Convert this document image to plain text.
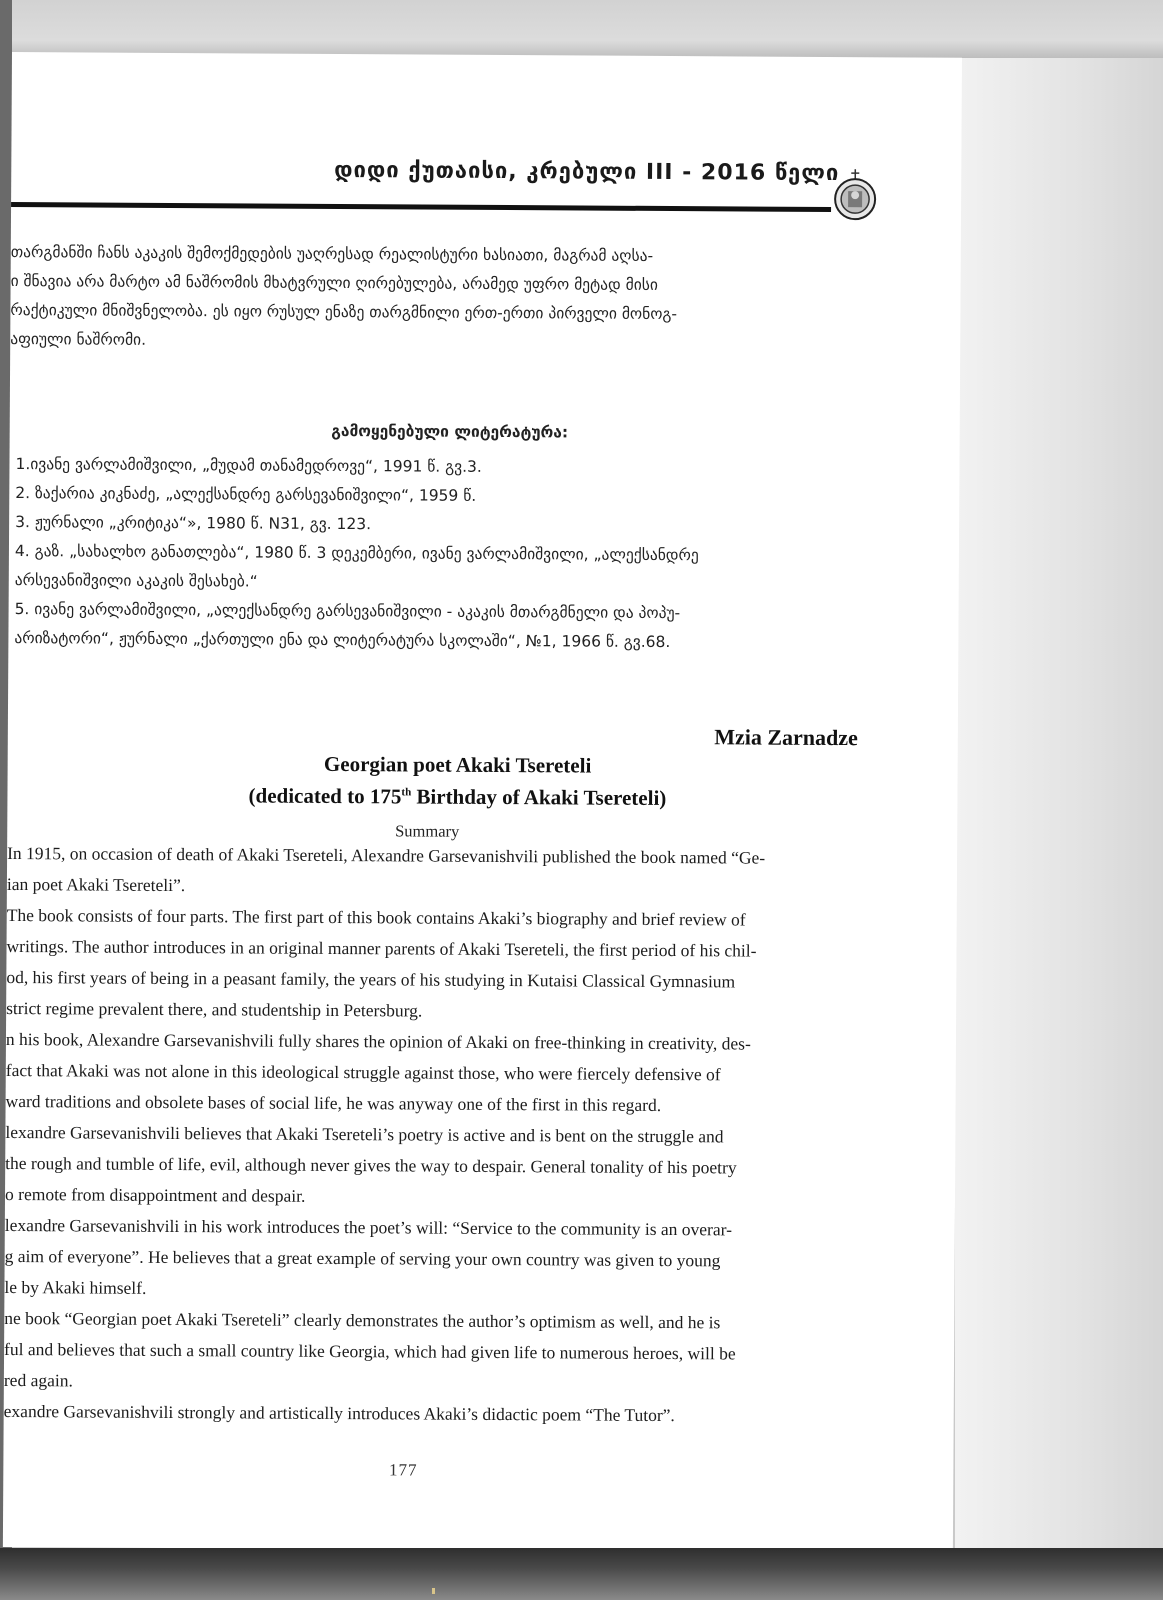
დიდი ქუთაისი, კრებული III - 2016 წელი
თარგმანში ჩანს აკაკის შემოქმედების უაღრესად რეალისტური ხასიათი, მაგრამ აღსა-
ი შნავია არა მარტო ამ ნაშრომის მხატვრული ღირებულება, არამედ უფრო მეტად მისი
რაქტიკული მნიშვნელობა. ეს იყო რუსულ ენაზე თარგმნილი ერთ-ერთი პირველი მონოგ-
აფიული ნაშრომი.
გამოყენებული ლიტერატურა:
1.ივანე ვარლამიშვილი, „მუდამ თანამედროვე“, 1991 წ. გვ.3.
2. ზაქარია კიკნაძე, „ალექსანდრე გარსევანიშვილი“, 1959 წ.
3. ჟურნალი „კრიტიკა“», 1980 წ. N31, გვ. 123.
4. გაზ. „სახალხო განათლება“, 1980 წ. 3 დეკემბერი, ივანე ვარლამიშვილი, „ალექსანდრე
არსევანიშვილი აკაკის შესახებ.“
5. ივანე ვარლამიშვილი, „ალექსანდრე გარსევანიშვილი - აკაკის მთარგმნელი და პოპუ-
არიზატორი“, ჟურნალი „ქართული ენა და ლიტერატურა სკოლაში“, №1, 1966 წ. გვ.68.
Mzia Zarnadze
Georgian poet Akaki Tsereteli
(dedicated to 175th Birthday of Akaki Tsereteli)
Summary
In 1915, on occasion of death of Akaki Tsereteli, Alexandre Garsevanishvili published the book named “Ge-
ian poet Akaki Tsereteli”.
The book consists of four parts. The first part of this book contains Akaki’s biography and brief review of
writings. The author introduces in an original manner parents of Akaki Tsereteli, the first period of his chil-
od, his first years of being in a peasant family, the years of his studying in Kutaisi Classical Gymnasium
strict regime prevalent there, and studentship in Petersburg.
n his book, Alexandre Garsevanishvili fully shares the opinion of Akaki on free-thinking in creativity, des-
fact that Akaki was not alone in this ideological struggle against those, who were fiercely defensive of
ward traditions and obsolete bases of social life, he was anyway one of the first in this regard.
lexandre Garsevanishvili believes that Akaki Tsereteli’s poetry is active and is bent on the struggle and
the rough and tumble of life, evil, although never gives the way to despair. General tonality of his poetry
o remote from disappointment and despair.
lexandre Garsevanishvili in his work introduces the poet’s will: “Service to the community is an overar-
g aim of everyone”. He believes that a great example of serving your own country was given to young
le by Akaki himself.
ne book “Georgian poet Akaki Tsereteli” clearly demonstrates the author’s optimism as well, and he is
ful and believes that such a small country like Georgia, which had given life to numerous heroes, will be
red again.
exandre Garsevanishvili strongly and artistically introduces Akaki’s didactic poem “The Tutor”.
177
